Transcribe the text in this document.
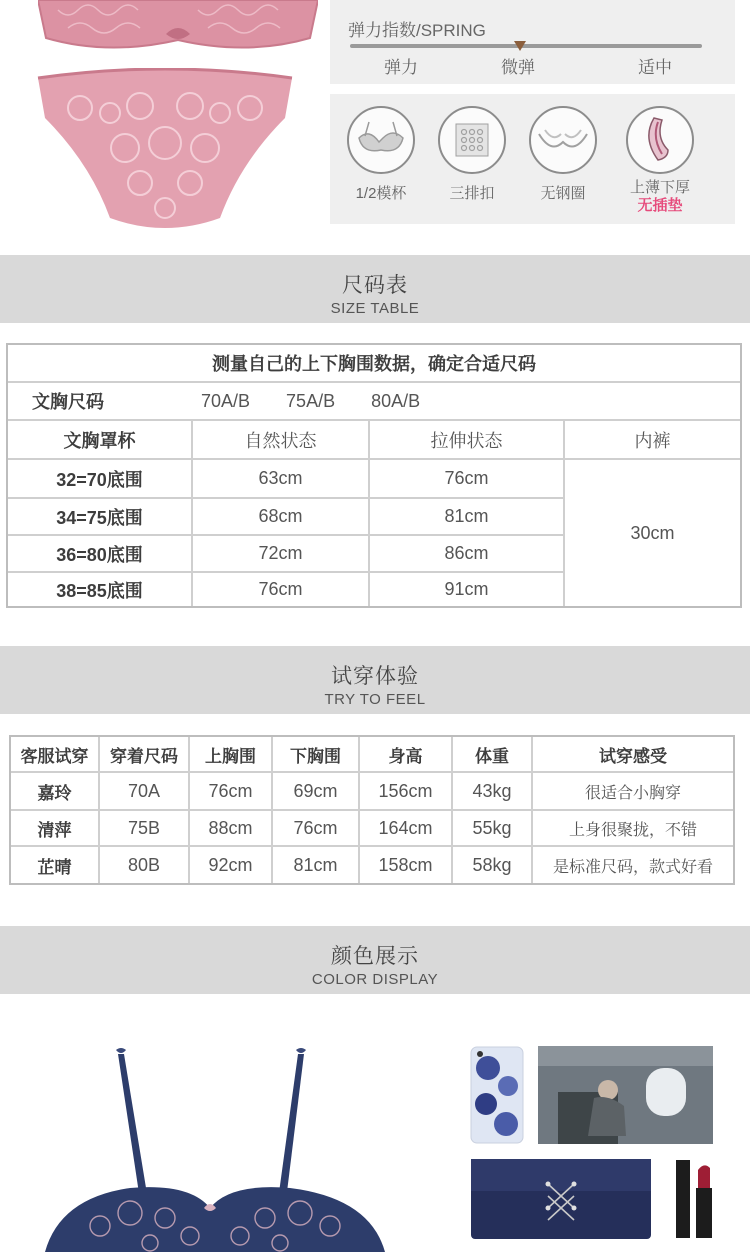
弹力指数/SPRING
弹力	微弹	适中
1/2模杯	三排扣	无钢圈	上薄下厚
无插垫
尺码表
SIZE TABLE
测量自己的上下胸围数据，确定合适尺码
文胸尺码	70A/B 75A/B 80A/B
文胸罩杯	自然状态	拉伸状态	内裤
32=70底围	63cm	76cm
34=75底围	68cm	81cm
36=80底围	72cm	86cm
38=85底围	76cm	91cm
30cm
试穿体验
TRY TO FEEL
客服试穿	穿着尺码	上胸围	下胸围	身高	体重	试穿感受
嘉玲	70A	76cm	69cm	156cm	43kg	很适合小胸穿
清萍	75B	88cm	76cm	164cm	55kg	上身很聚拢，不错
芷晴	80B	92cm	81cm	158cm	58kg	是标准尺码，款式好看
颜色展示
COLOR DISPLAY
